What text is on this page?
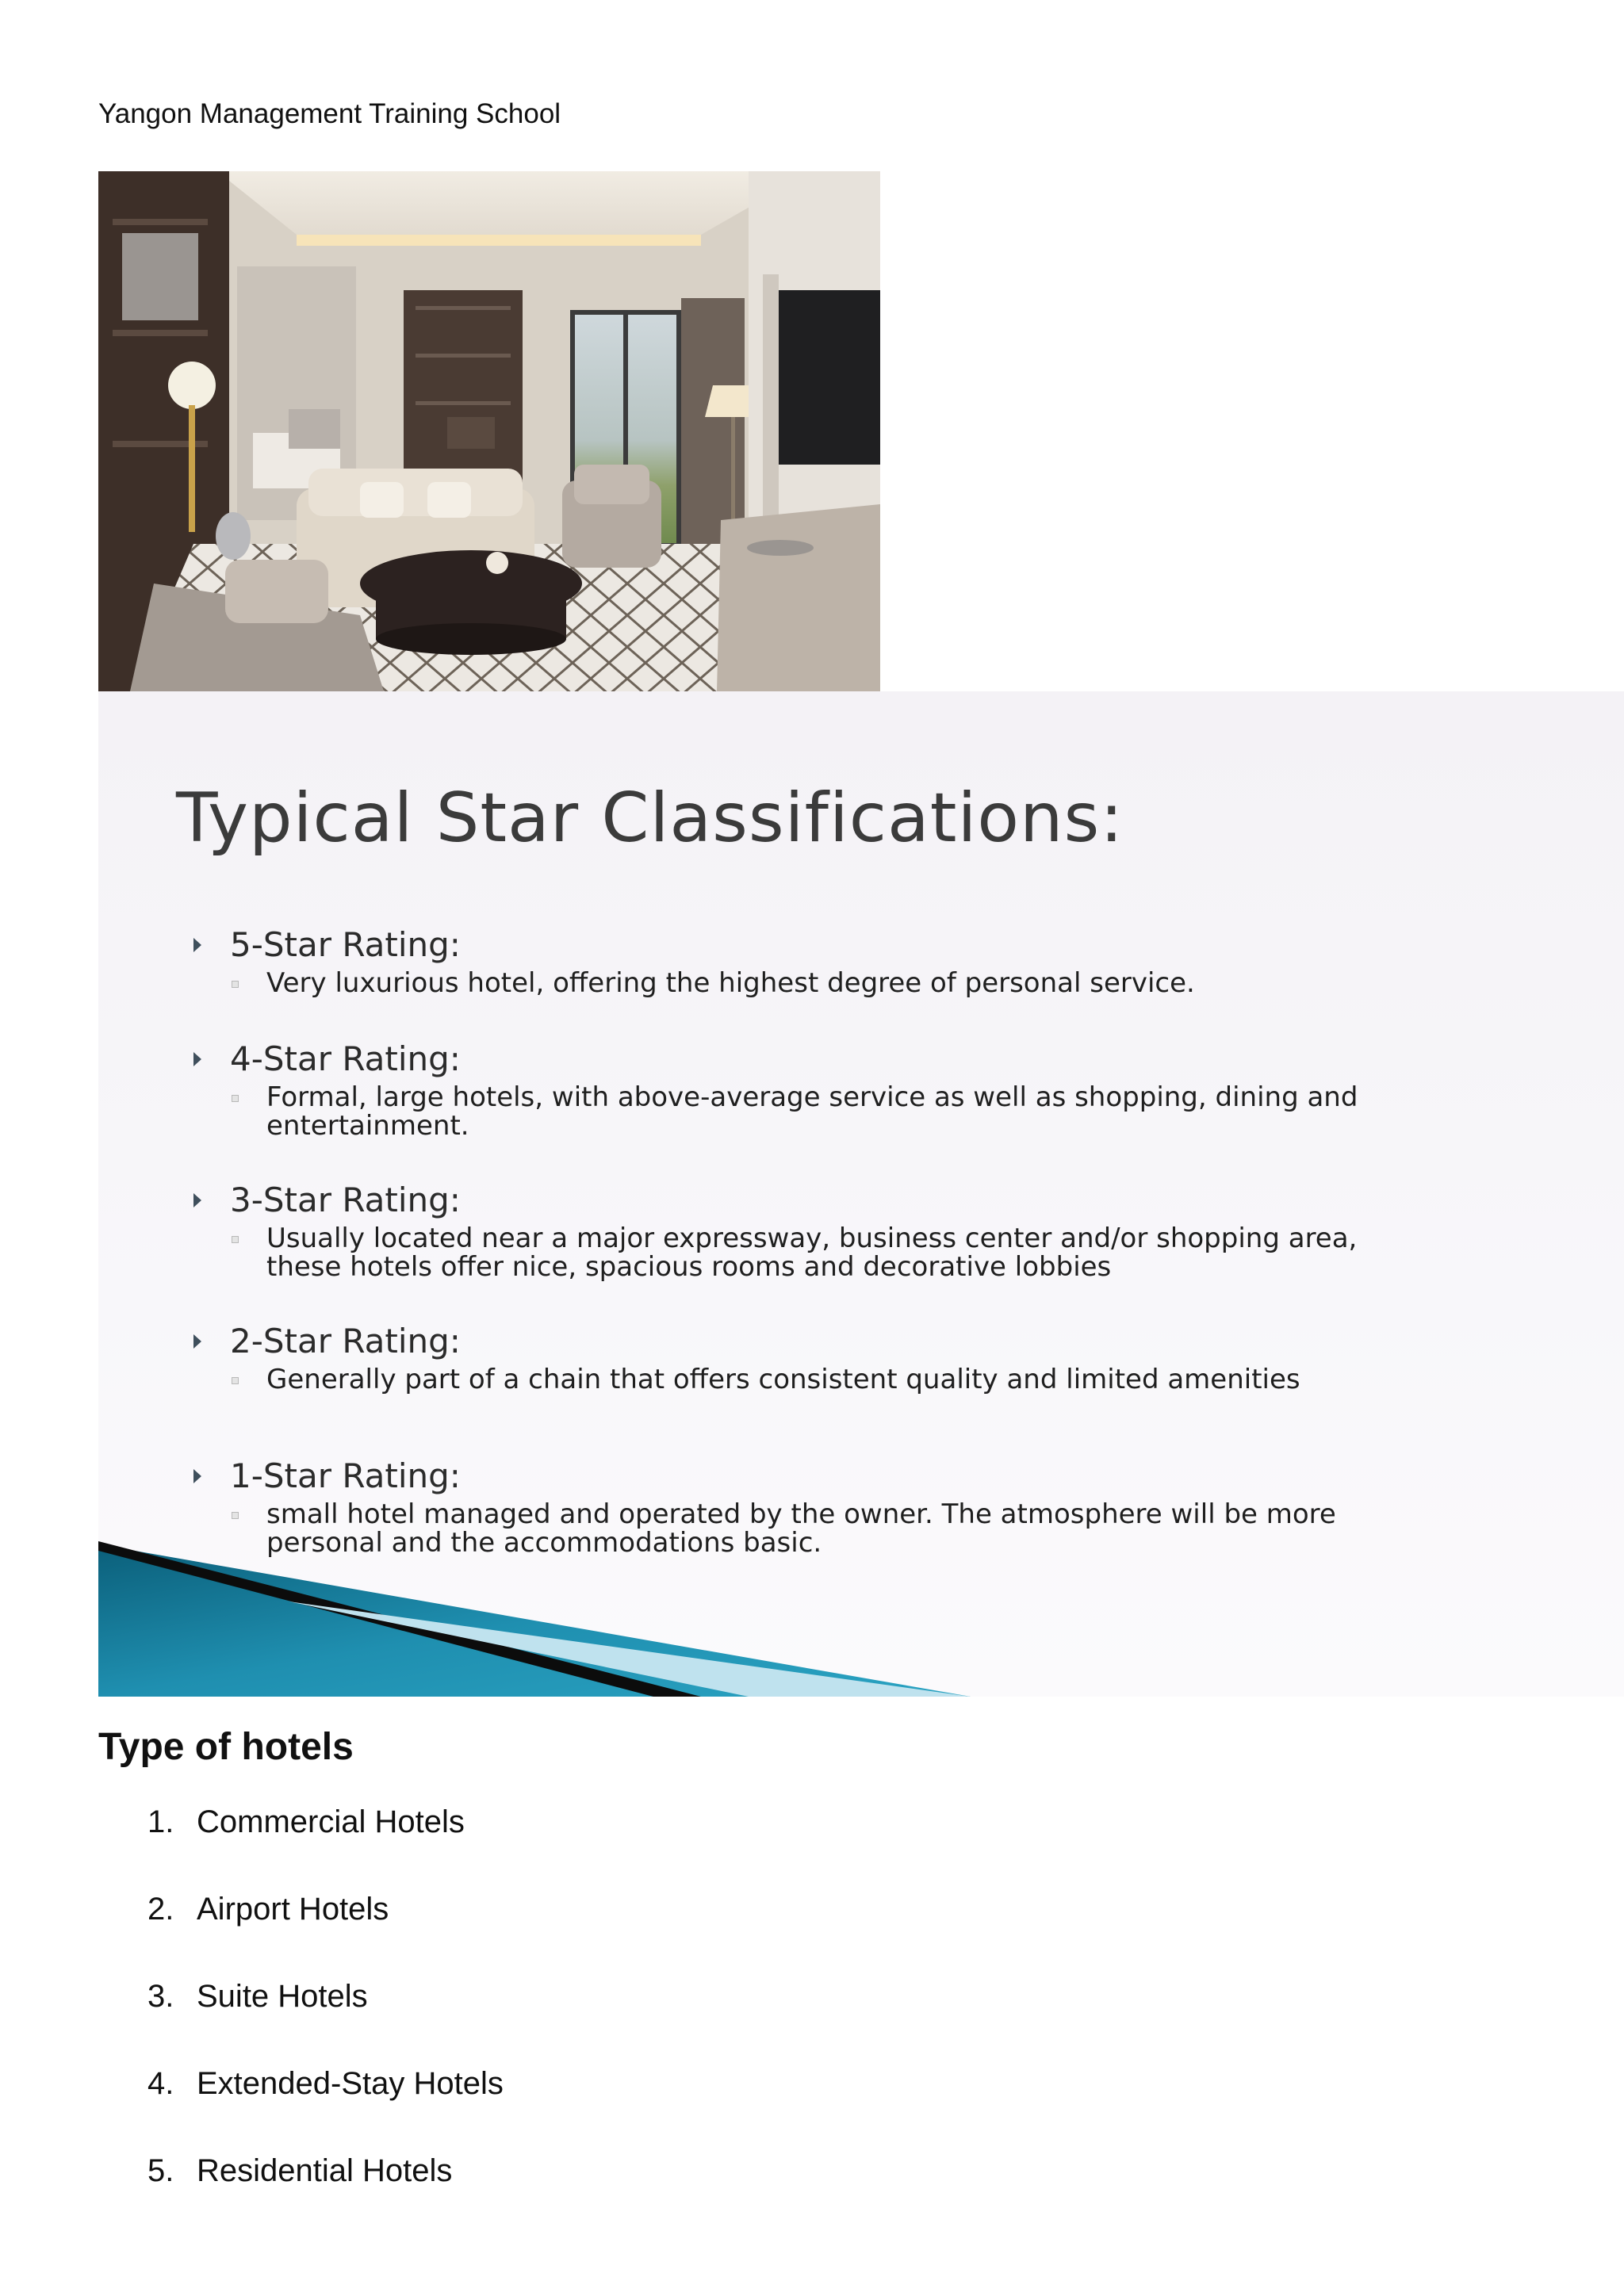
Yangon Management Training School
Typical Star Classifications:
5-Star Rating:
Very luxurious hotel, offering the highest degree of personal service.
4-Star Rating:
Formal, large hotels, with above-average service as well as shopping, dining and entertainment.
3-Star Rating:
Usually located near a major expressway, business center and/or shopping area, these hotels offer nice, spacious rooms and decorative lobbies
2-Star Rating:
Generally part of a chain that offers consistent quality and limited amenities
1-Star Rating:
small hotel managed and operated by the owner. The atmosphere will be more personal and the accommodations basic.
Type of hotels
1. Commercial Hotels
2. Airport Hotels
3. Suite Hotels
4. Extended-Stay Hotels
5. Residential Hotels
